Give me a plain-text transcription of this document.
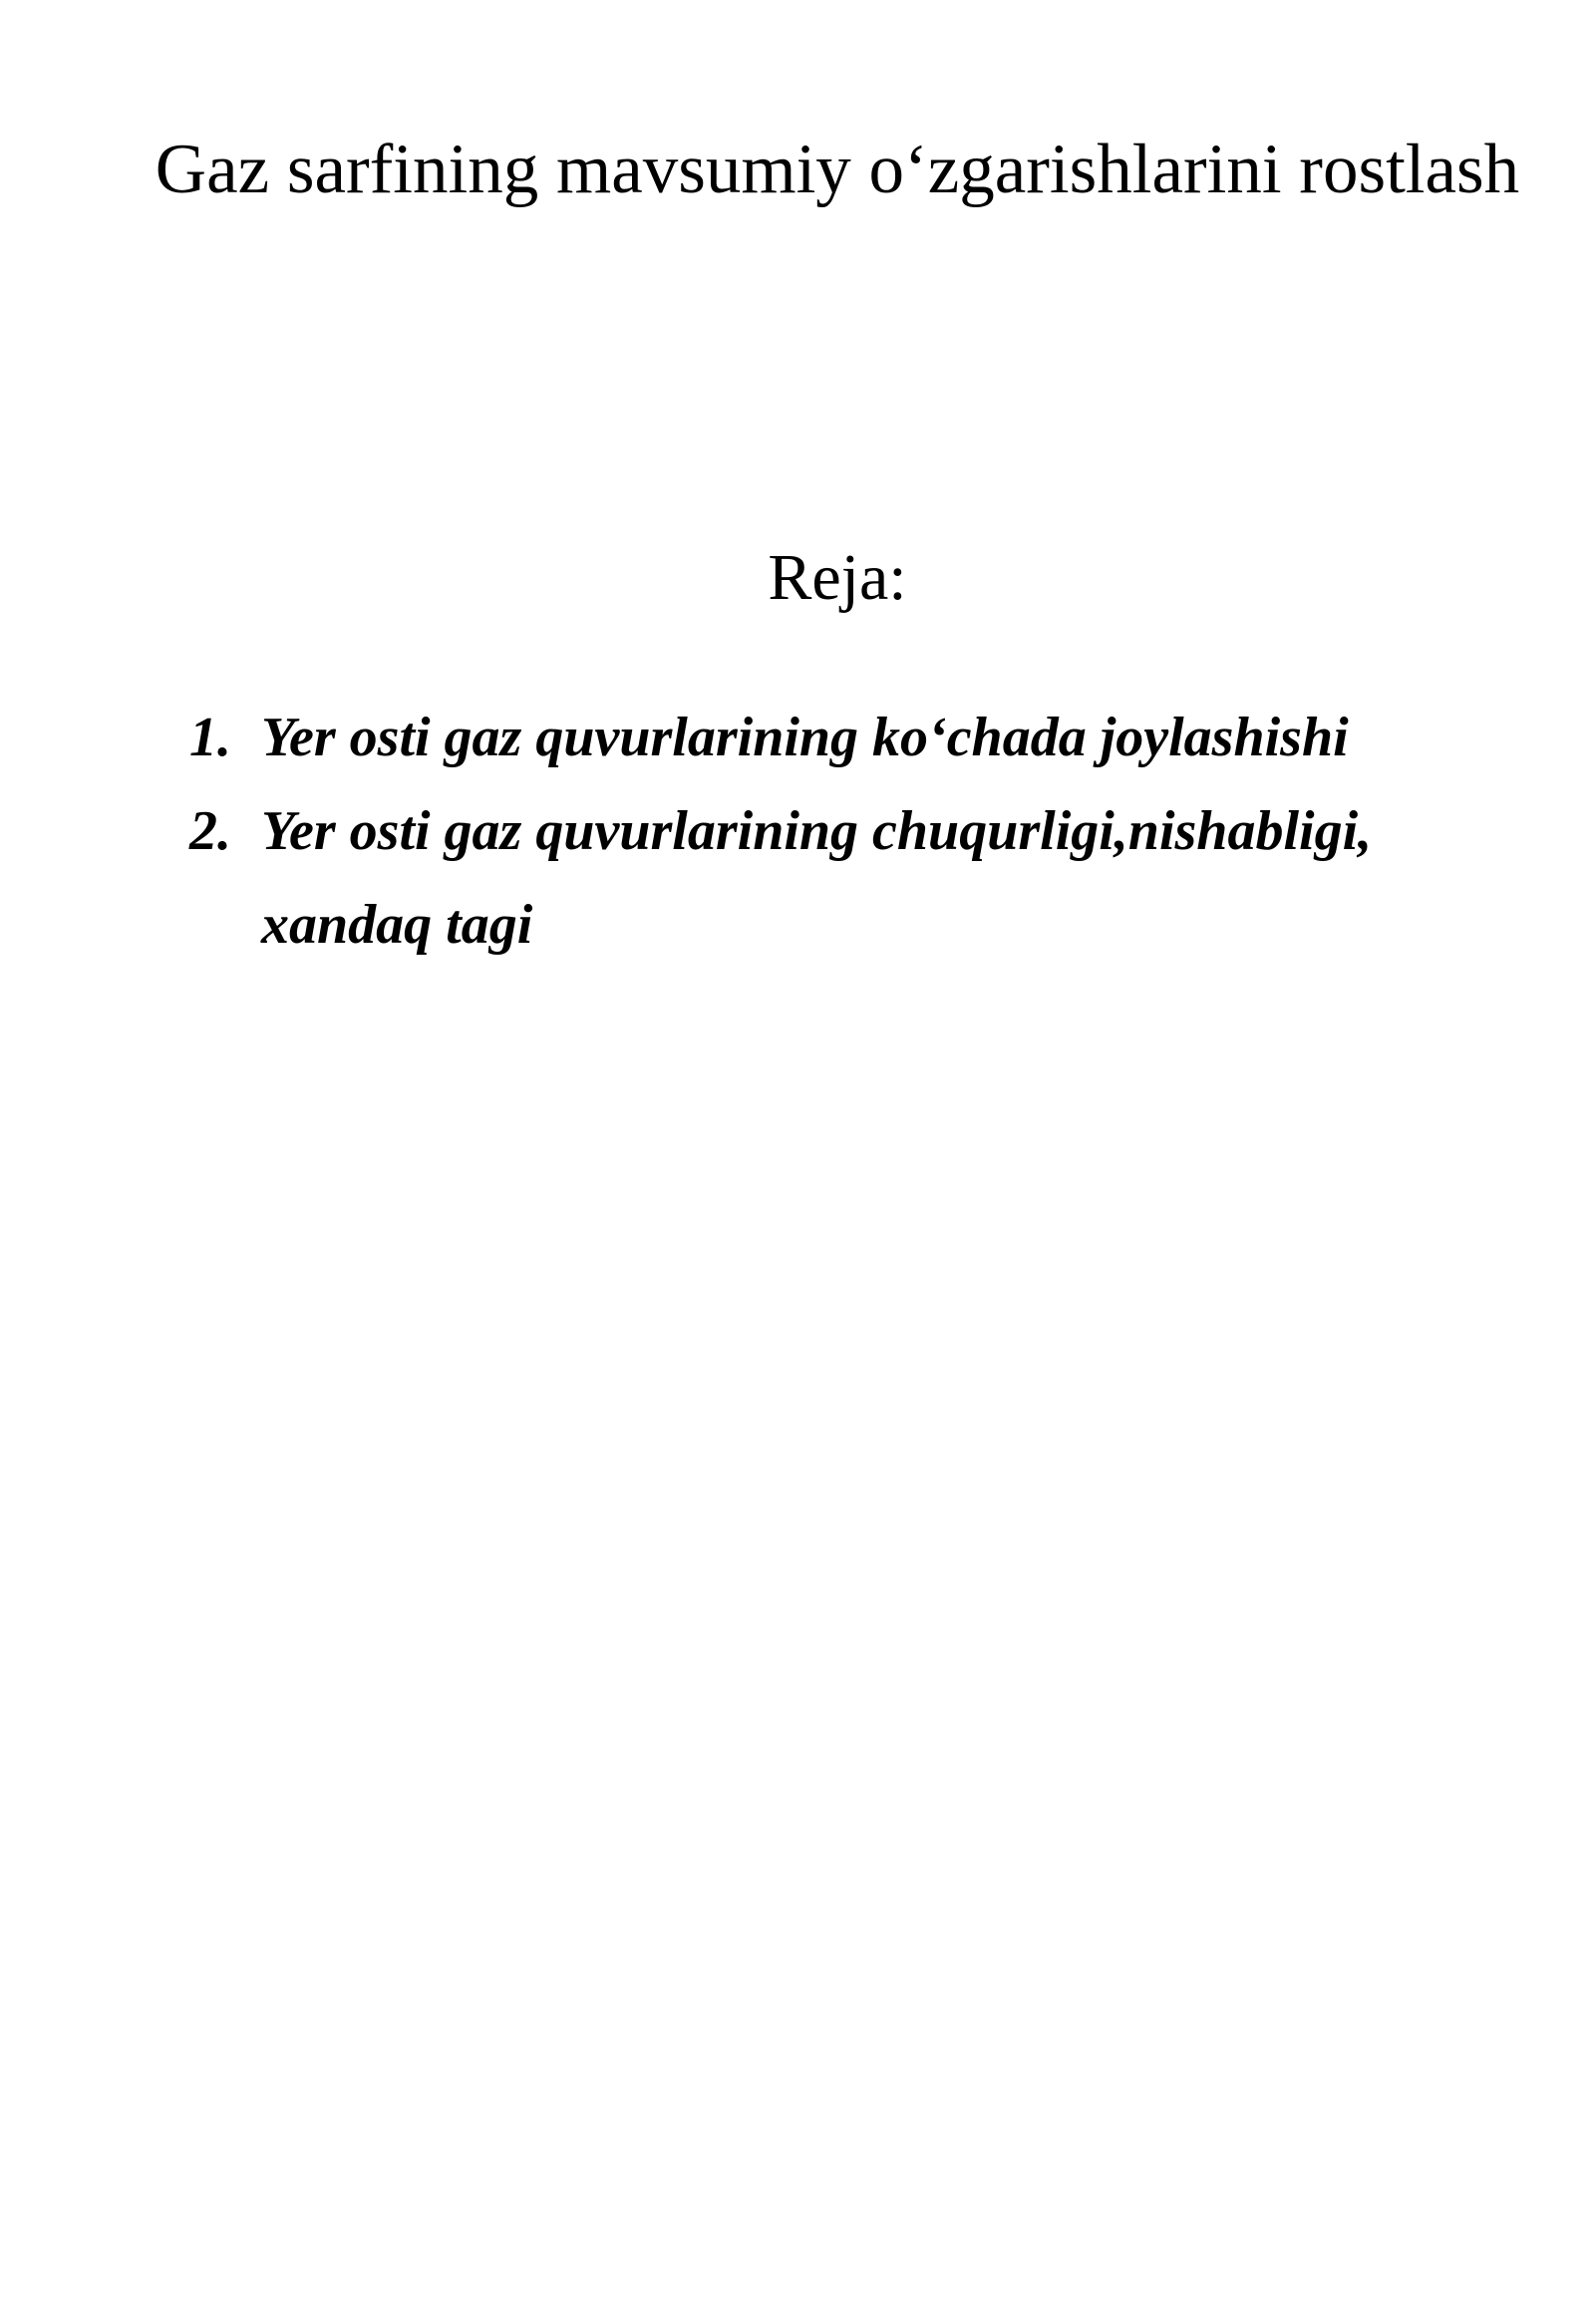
Gaz sarfining mavsumiy o‘zgarishlarini rostlash
Reja:
1. Yer osti gaz quvurlarining ko‘chada joylashishi
2. Yer osti gaz quvurlarining chuqurligi,nishabligi, xandaq tagi
